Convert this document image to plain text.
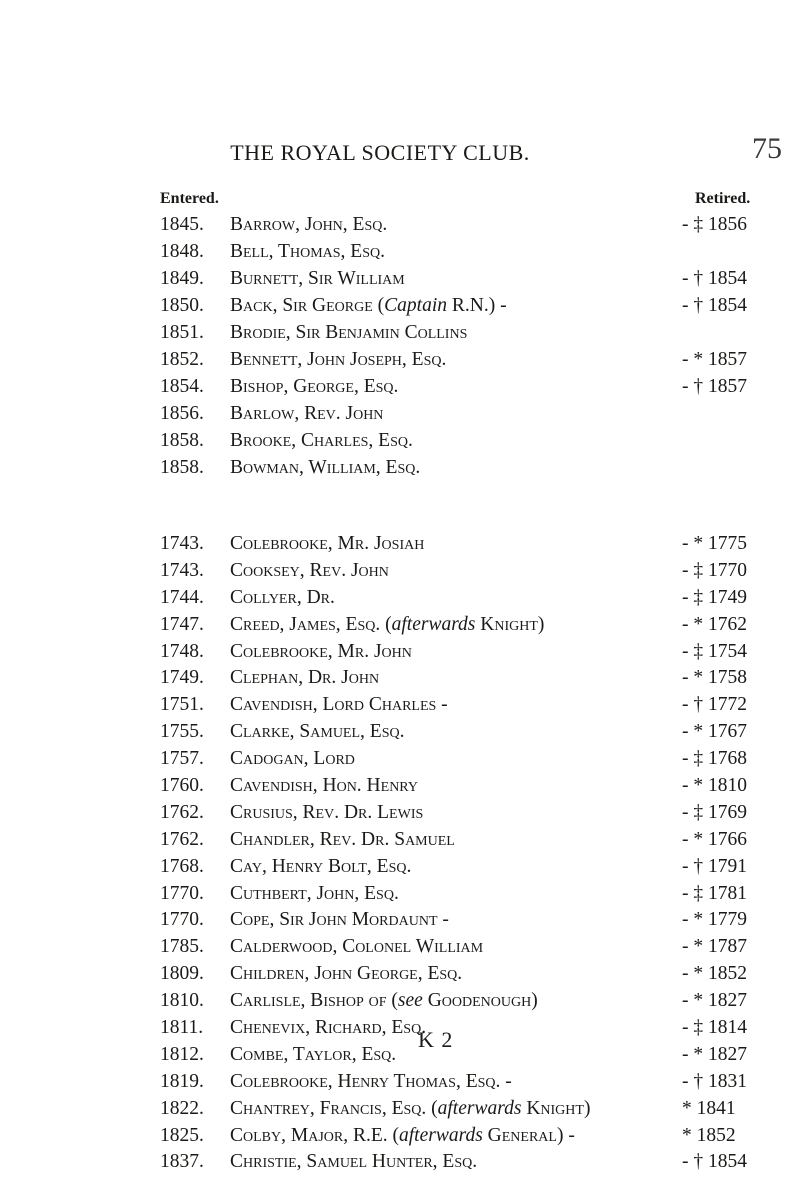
THE ROYAL SOCIETY CLUB.	75
Entered.	Retired.
1845.	Barrow, John, Esq.	- ‡ 1856
1848.	Bell, Thomas, Esq.
1849.	Burnett, Sir William	- † 1854
1850.	Back, Sir George (Captain R.N.) -	- † 1854
1851.	Brodie, Sir Benjamin Collins
1852.	Bennett, John Joseph, Esq.	- * 1857
1854.	Bishop, George, Esq.	- † 1857
1856.	Barlow, Rev. John
1858.	Brooke, Charles, Esq.
1858.	Bowman, William, Esq.
1743.	Colebrooke, Mr. Josiah	- * 1775
1743.	Cooksey, Rev. John	- ‡ 1770
1744.	Collyer, Dr.	- ‡ 1749
1747.	Creed, James, Esq. (afterwards Knight)	- * 1762
1748.	Colebrooke, Mr. John	- ‡ 1754
1749.	Clephan, Dr. John	- * 1758
1751.	Cavendish, Lord Charles -	- † 1772
1755.	Clarke, Samuel, Esq.	- * 1767
1757.	Cadogan, Lord	- ‡ 1768
1760.	Cavendish, Hon. Henry	- * 1810
1762.	Crusius, Rev. Dr. Lewis	- ‡ 1769
1762.	Chandler, Rev. Dr. Samuel	- * 1766
1768.	Cay, Henry Bolt, Esq.	- † 1791
1770.	Cuthbert, John, Esq.	- ‡ 1781
1770.	Cope, Sir John Mordaunt -	- * 1779
1785.	Calderwood, Colonel William	- * 1787
1809.	Children, John George, Esq.	- * 1852
1810.	Carlisle, Bishop of (see Goodenough)	- * 1827
1811.	Chenevix, Richard, Esq.	- ‡ 1814
1812.	Combe, Taylor, Esq.	- * 1827
1819.	Colebrooke, Henry Thomas, Esq. -	- † 1831
1822.	Chantrey, Francis, Esq. (afterwards Knight)	* 1841
1825.	Colby, Major, R.E. (afterwards General) -	* 1852
1837.	Christie, Samuel Hunter, Esq.	- † 1854
K 2
